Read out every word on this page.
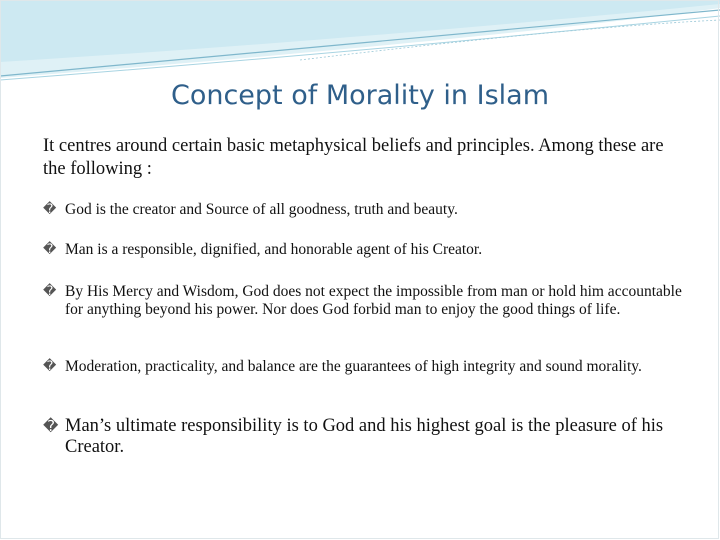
Concept of Morality in Islam
It centres around certain basic metaphysical beliefs and principles. Among these are the following :
� God is the creator and Source of all goodness, truth and beauty.
� Man is a responsible, dignified, and honorable agent of his Creator.
� By His Mercy and Wisdom, God does not expect the impossible from man or hold him accountable for anything beyond his power. Nor does God forbid man to enjoy the good things of life.
� Moderation, practicality, and balance are the guarantees of high integrity and sound morality.
� Man’s ultimate responsibility is to God and his highest goal is the pleasure of his Creator.
